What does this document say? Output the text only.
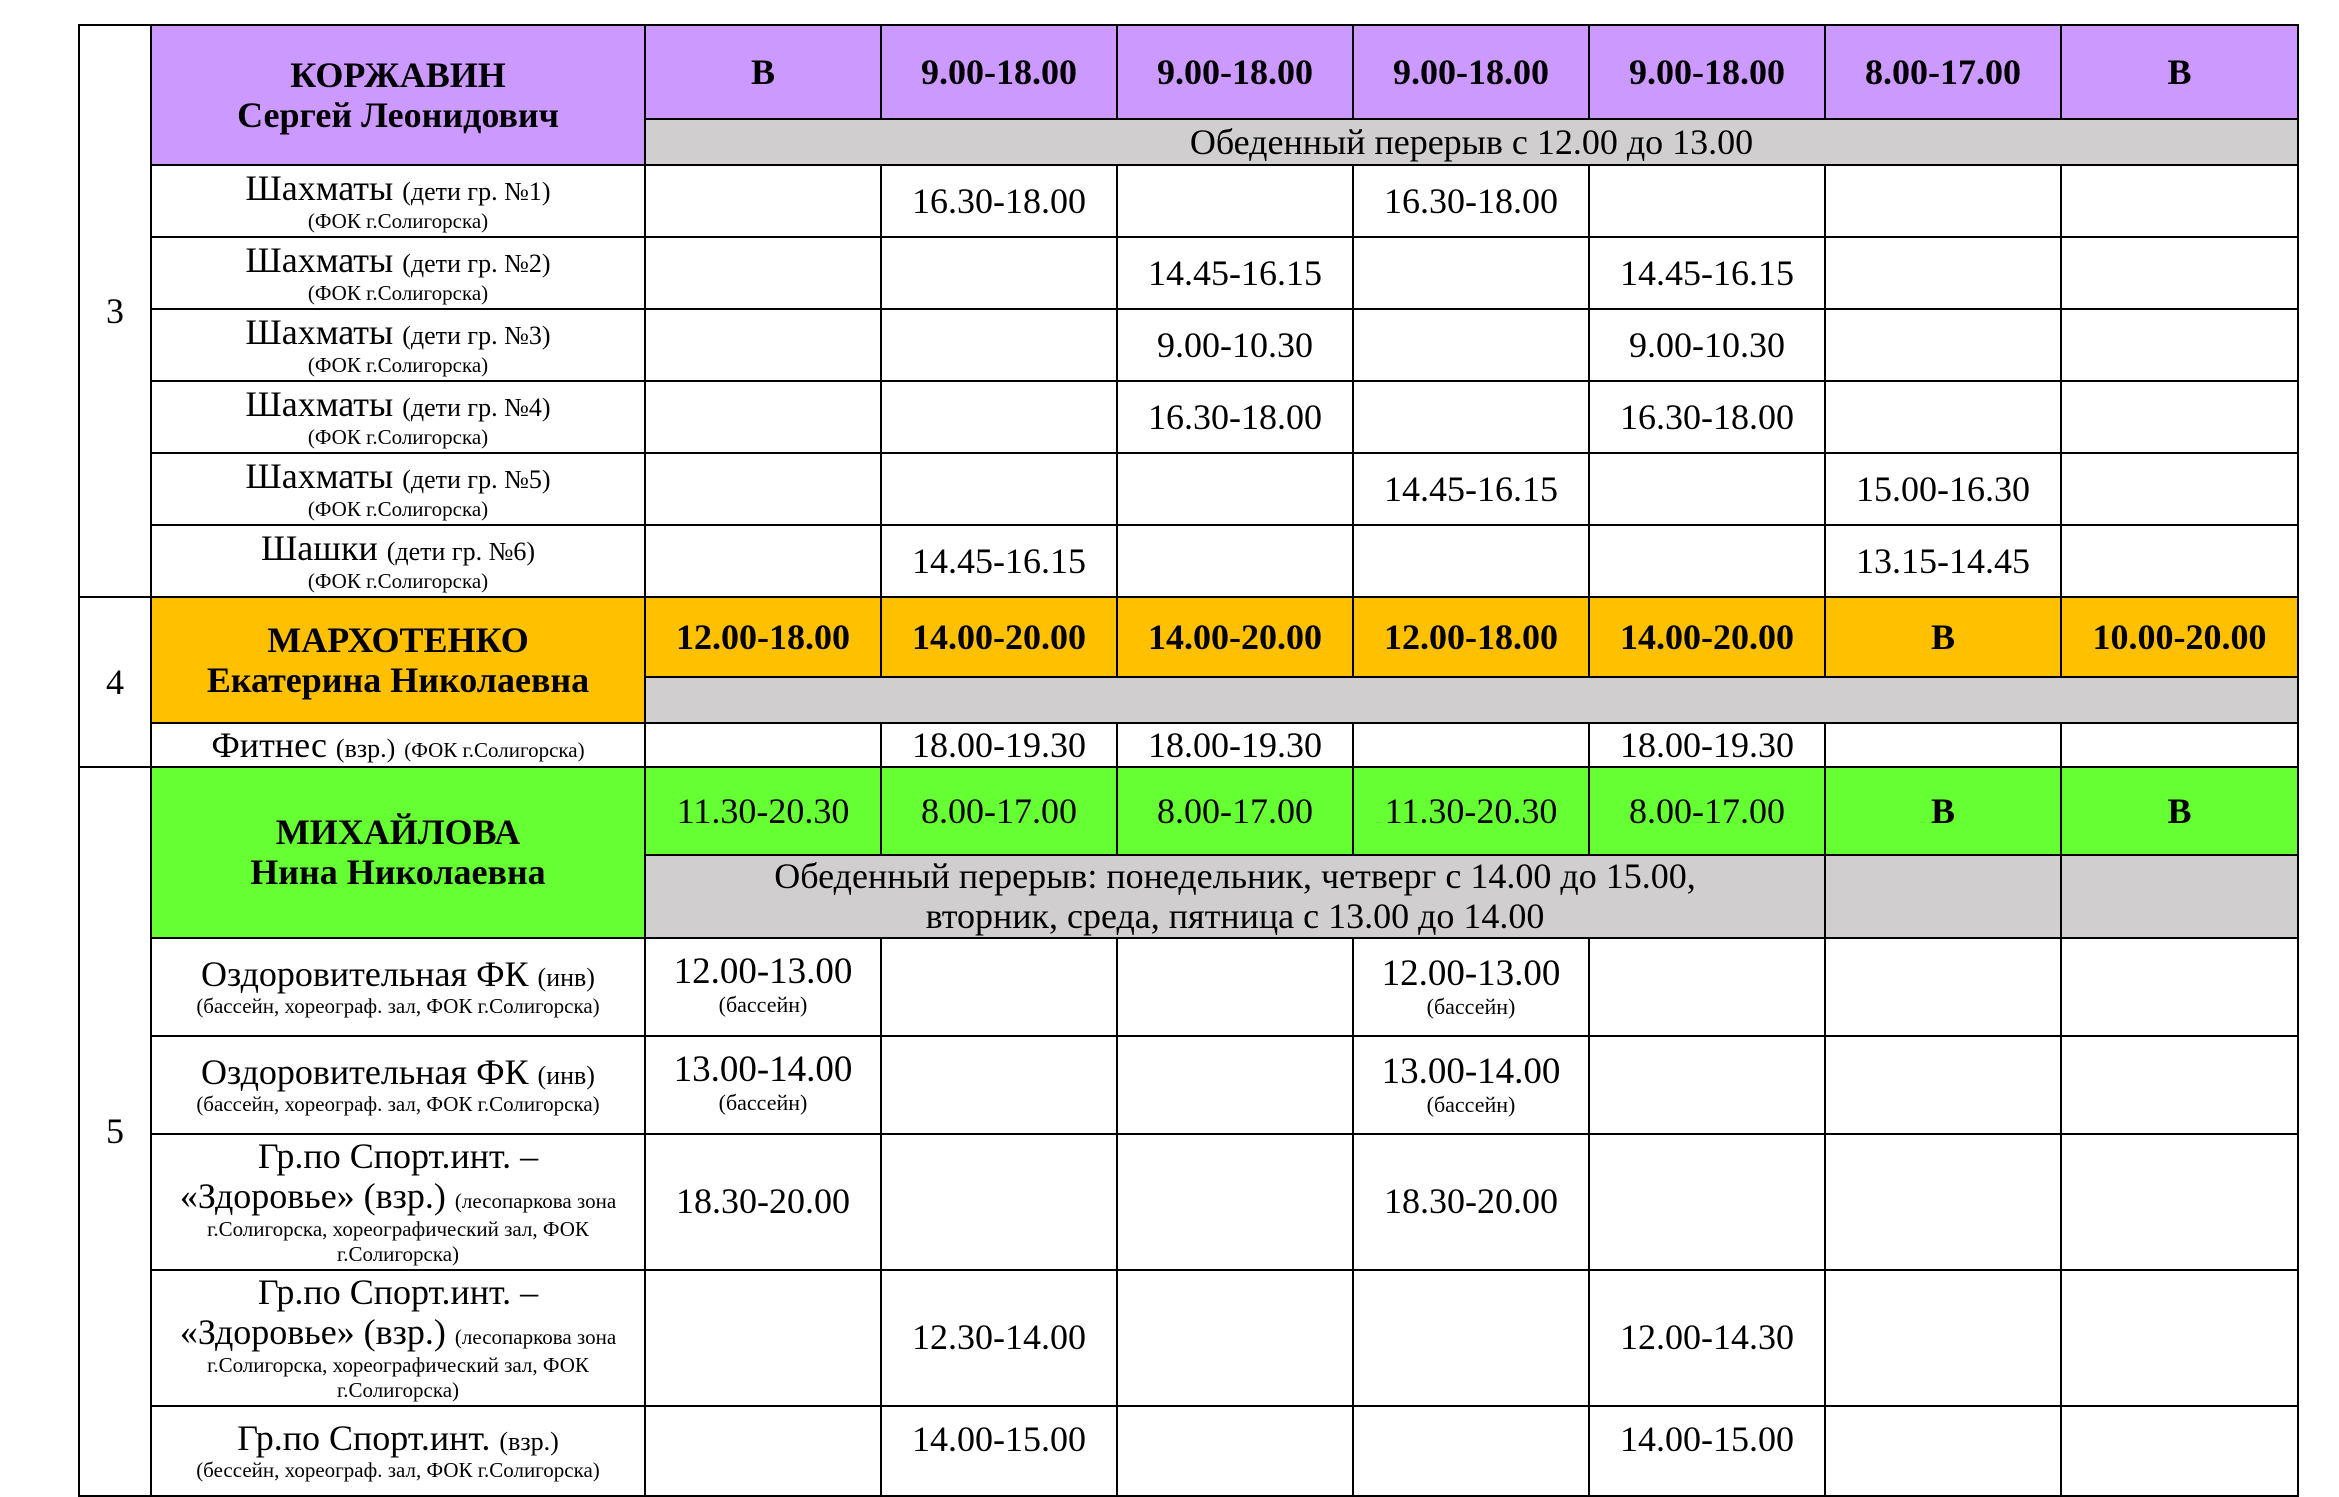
3	КОРЖАВИН
Сергей Леонидович	В	9.00-18.00	9.00-18.00	9.00-18.00	9.00-18.00	8.00-17.00	В
		Обеденный перерыв с 12.00 до 13.00						
	Шахматы (дети гр. №1)
(ФОК г.Солигорска)		16.30-18.00		16.30-18.00			
	Шахматы (дети гр. №2)
(ФОК г.Солигорска)			14.45-16.15		14.45-16.15		
	Шахматы (дети гр. №3)
(ФОК г.Солигорска)			9.00-10.30		9.00-10.30		
	Шахматы (дети гр. №4)
(ФОК г.Солигорска)			16.30-18.00		16.30-18.00		
	Шахматы (дети гр. №5)
(ФОК г.Солигорска)				14.45-16.15		15.00-16.30	
	Шашки (дети гр. №6)
(ФОК г.Солигорска)		14.45-16.15				13.15-14.45	
4	МАРХОТЕНКО
Екатерина Николаевна	12.00-18.00	14.00-20.00	14.00-20.00	12.00-18.00	14.00-20.00	В	10.00-20.00

	Фитнес (взр.) (ФОК г.Солигорска)		18.00-19.30	18.00-19.30		18.00-19.30		
5	МИХАЙЛОВА
Нина Николаевна	11.30-20.30	8.00-17.00	8.00-17.00	11.30-20.30	8.00-17.00	В	В
		Обеденный перерыв: понедельник, четверг с 14.00 до 15.00,
вторник, среда, пятница с 13.00 до 14.00						
	Оздоровительная ФК (инв)
(бассейн, хореограф. зал, ФОК г.Солигорска)	12.00-13.00
(бассейн)			12.00-13.00
(бассейн)			

	Оздоровительная ФК (инв)
(бассейн, хореограф. зал, ФОК г.Солигорска)	13.00-14.00
(бассейн)			13.00-14.00
(бассейн)			

	Гр.по Спорт.инт. –
«Здоровье» (взр.) (лесопаркова зона
г.Солигорска, хореографический зал, ФОК
г.Солигорска)	18.30-20.00			18.30-20.00			
	Гр.по Спорт.инт. –
«Здоровье» (взр.) (лесопаркова зона
г.Солигорска, хореографический зал, ФОК
г.Солигорска)		12.30-14.00			12.00-14.30		
	Гр.по Спорт.инт. (взр.)
(бессейн, хореограф. зал, ФОК г.Солигорска)		14.00-15.00			14.00-15.00		
